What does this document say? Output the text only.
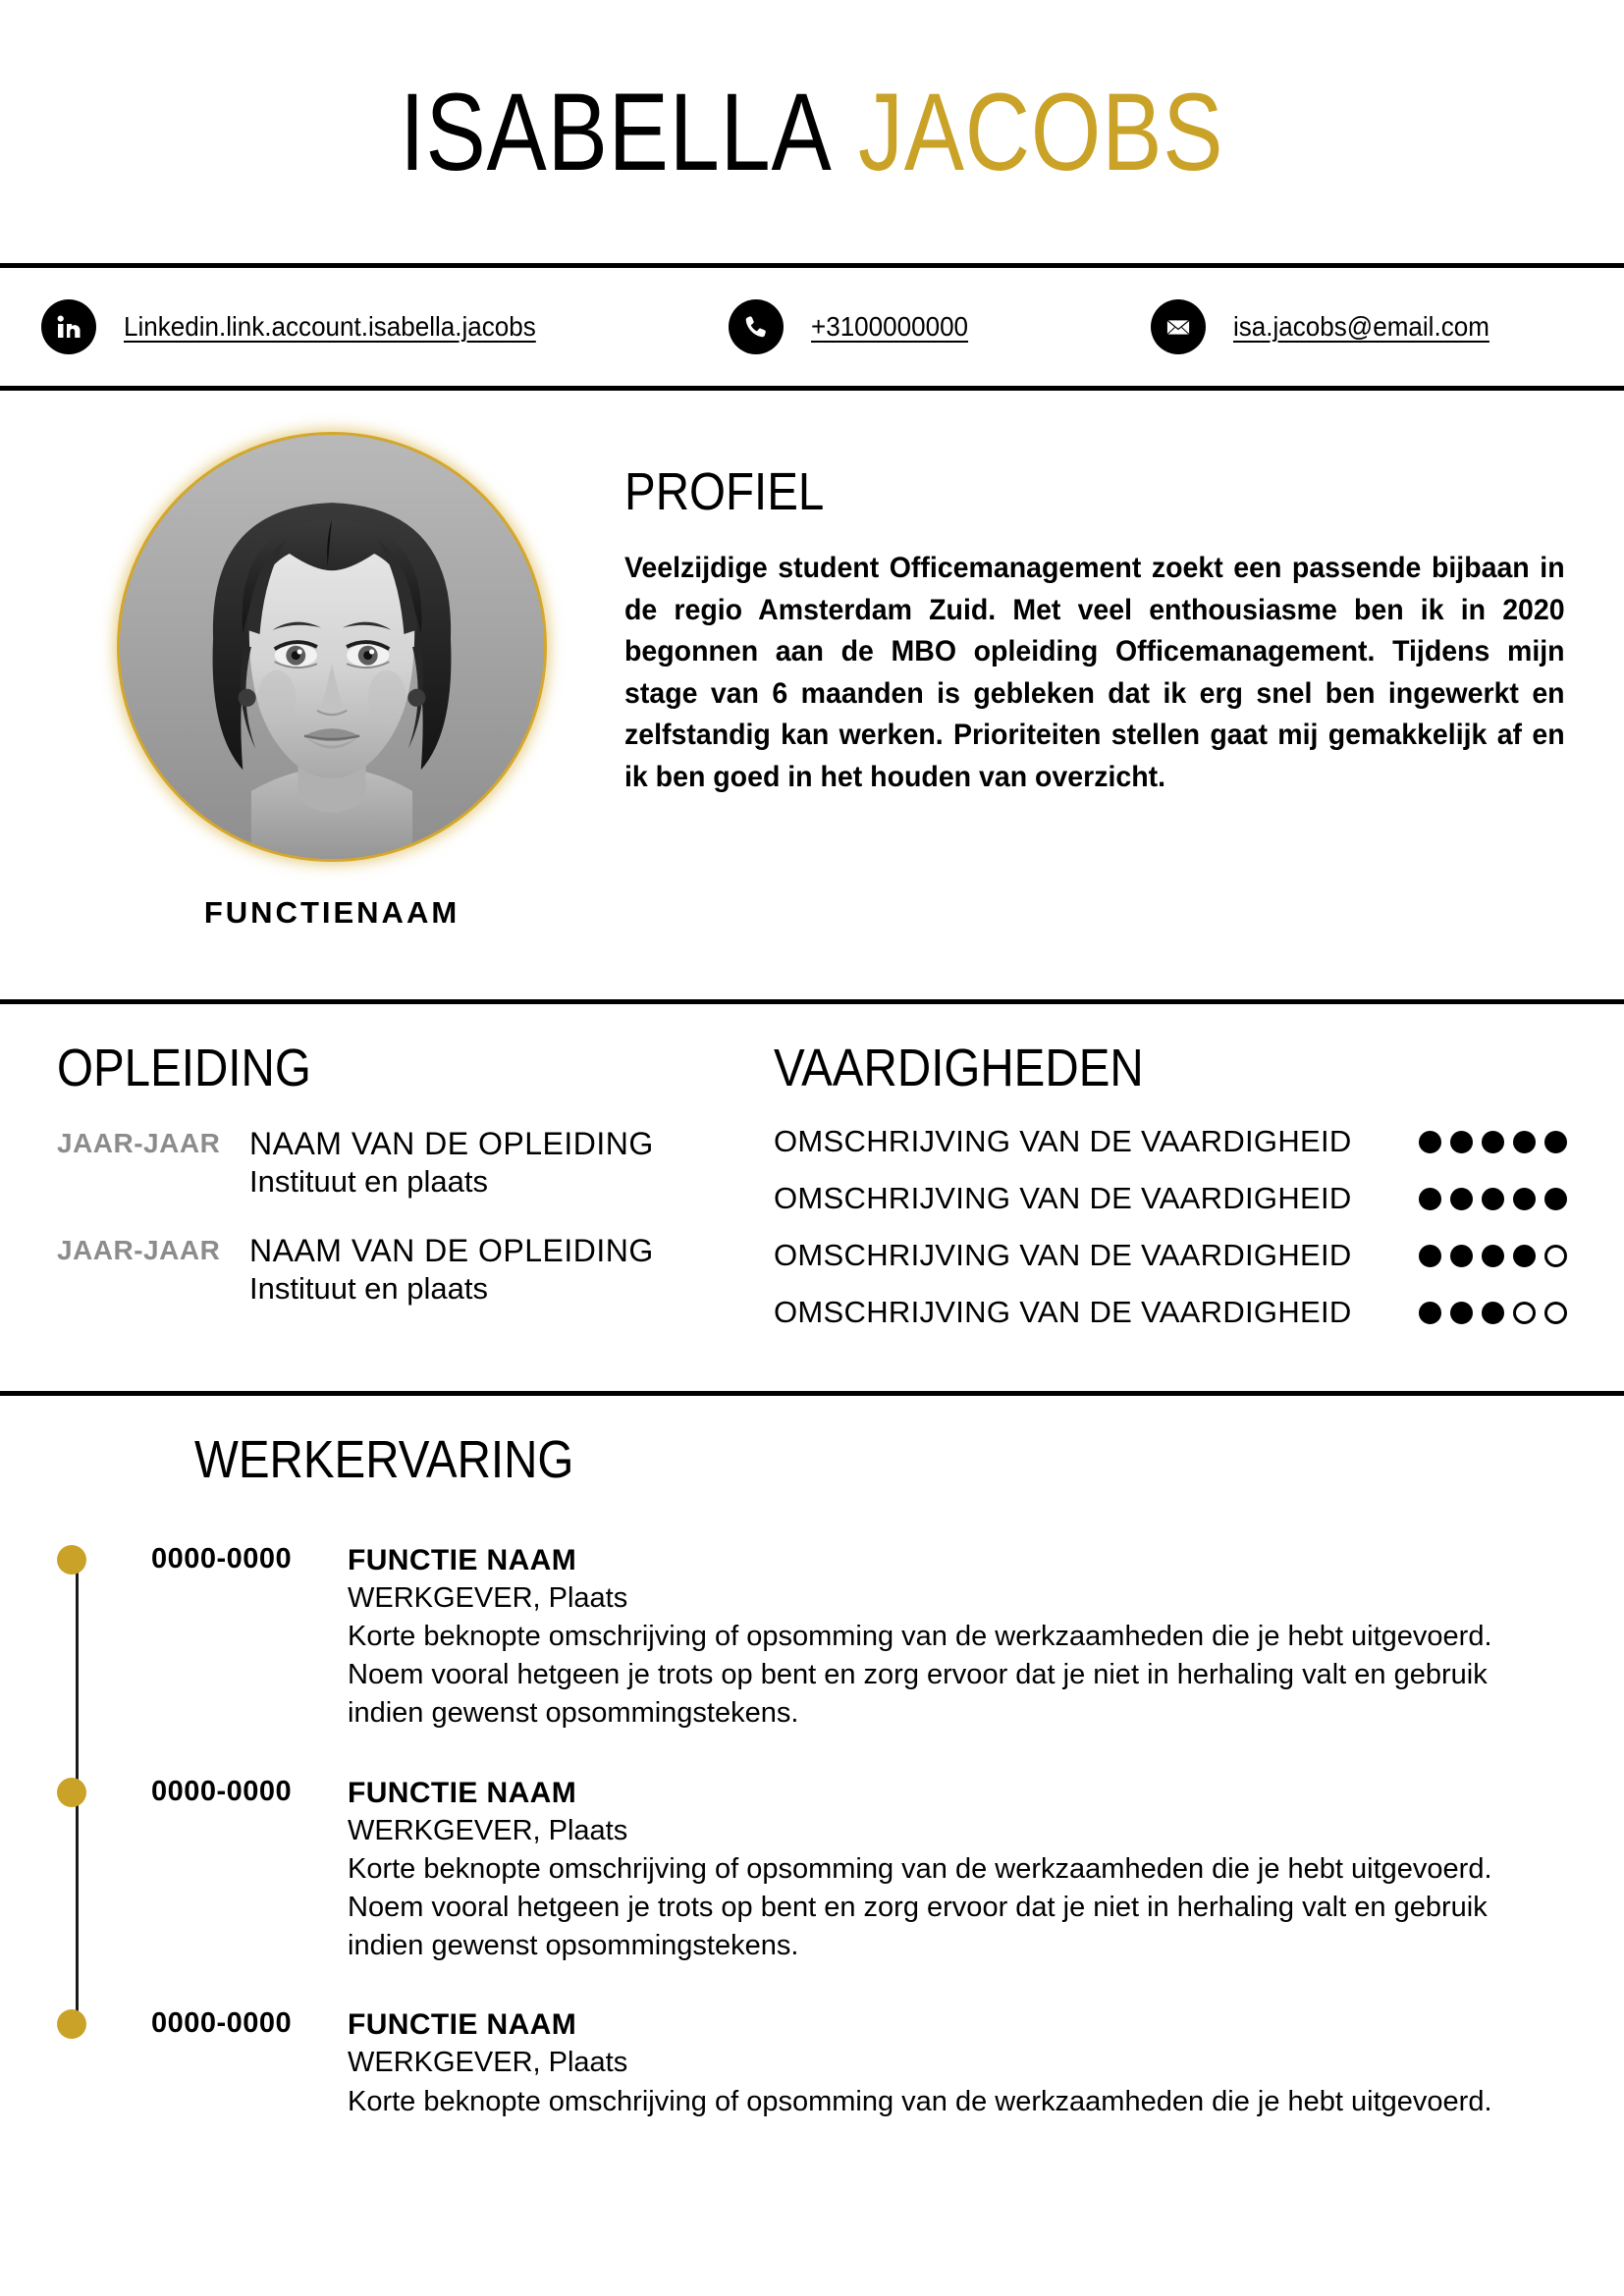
ISABELLA JACOBS
Linkedin.link.account.isabella.jacobs	+3100000000	isa.jacobs@email.com
FUNCTIENAAM
PROFIEL
Veelzijdige student Officemanagement zoekt een passende bijbaan in de regio Amsterdam Zuid. Met veel enthousiasme ben ik in 2020 begonnen aan de MBO opleiding Officemanagement. Tijdens mijn stage van 6 maanden is gebleken dat ik erg snel ben ingewerkt en zelfstandig kan werken. Prioriteiten stellen gaat mij gemakkelijk af en ik ben goed in het houden van overzicht.
OPLEIDING
JAAR-JAAR NAAM VAN DE OPLEIDING
Instituut en plaats
JAAR-JAAR NAAM VAN DE OPLEIDING
Instituut en plaats
VAARDIGHEDEN
OMSCHRIJVING VAN DE VAARDIGHEID
OMSCHRIJVING VAN DE VAARDIGHEID
OMSCHRIJVING VAN DE VAARDIGHEID
OMSCHRIJVING VAN DE VAARDIGHEID
WERKERVARING
0000-0000	FUNCTIE NAAM
WERKGEVER, Plaats
Korte beknopte omschrijving of opsomming van de werkzaamheden die je hebt uitgevoerd. Noem vooral hetgeen je trots op bent en zorg ervoor dat je niet in herhaling valt en gebruik indien gewenst opsommingstekens.
0000-0000	FUNCTIE NAAM
WERKGEVER, Plaats
Korte beknopte omschrijving of opsomming van de werkzaamheden die je hebt uitgevoerd. Noem vooral hetgeen je trots op bent en zorg ervoor dat je niet in herhaling valt en gebruik indien gewenst opsommingstekens.
0000-0000	FUNCTIE NAAM
WERKGEVER, Plaats
Korte beknopte omschrijving of opsomming van de werkzaamheden die je hebt uitgevoerd.
